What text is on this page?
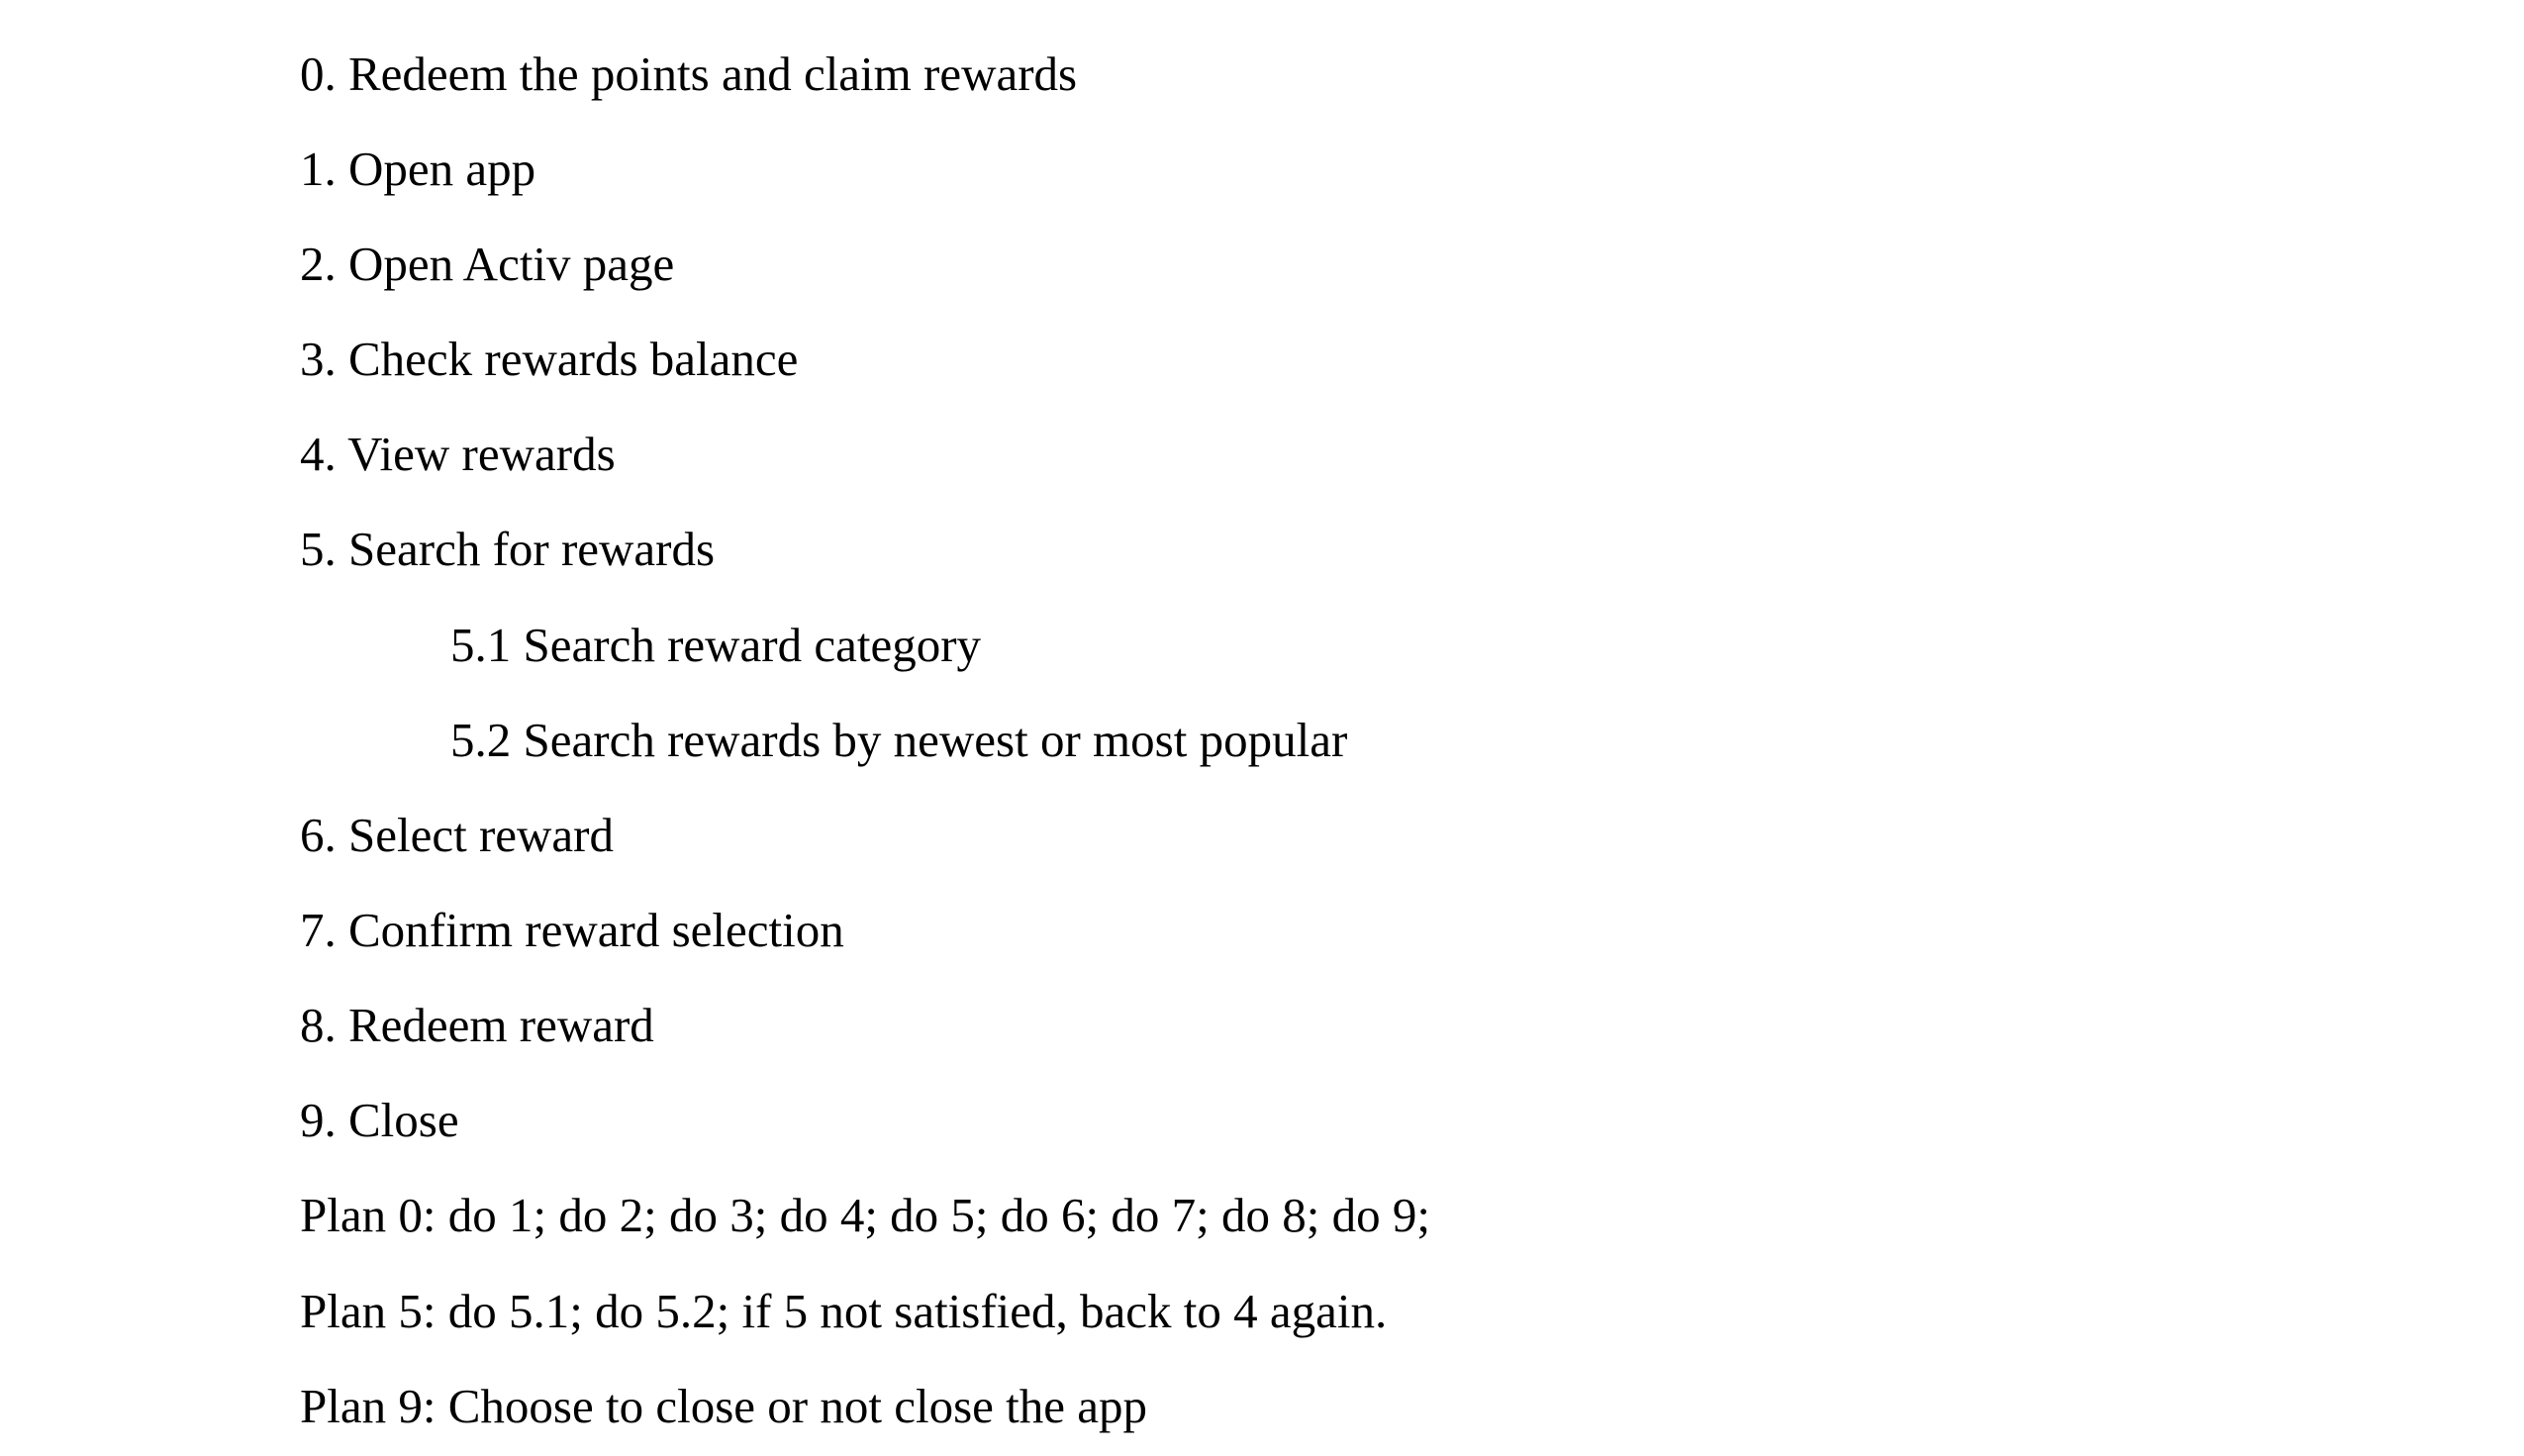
0. Redeem the points and claim rewards
1. Open app
2. Open Activ page
3. Check rewards balance
4. View rewards
5. Search for rewards
5.1 Search reward category
5.2 Search rewards by newest or most popular
6. Select reward
7. Confirm reward selection
8. Redeem reward
9. Close
Plan 0: do 1; do 2; do 3; do 4; do 5; do 6; do 7; do 8; do 9;
Plan 5: do 5.1; do 5.2; if 5 not satisfied, back to 4 again.
Plan 9: Choose to close or not close the app
